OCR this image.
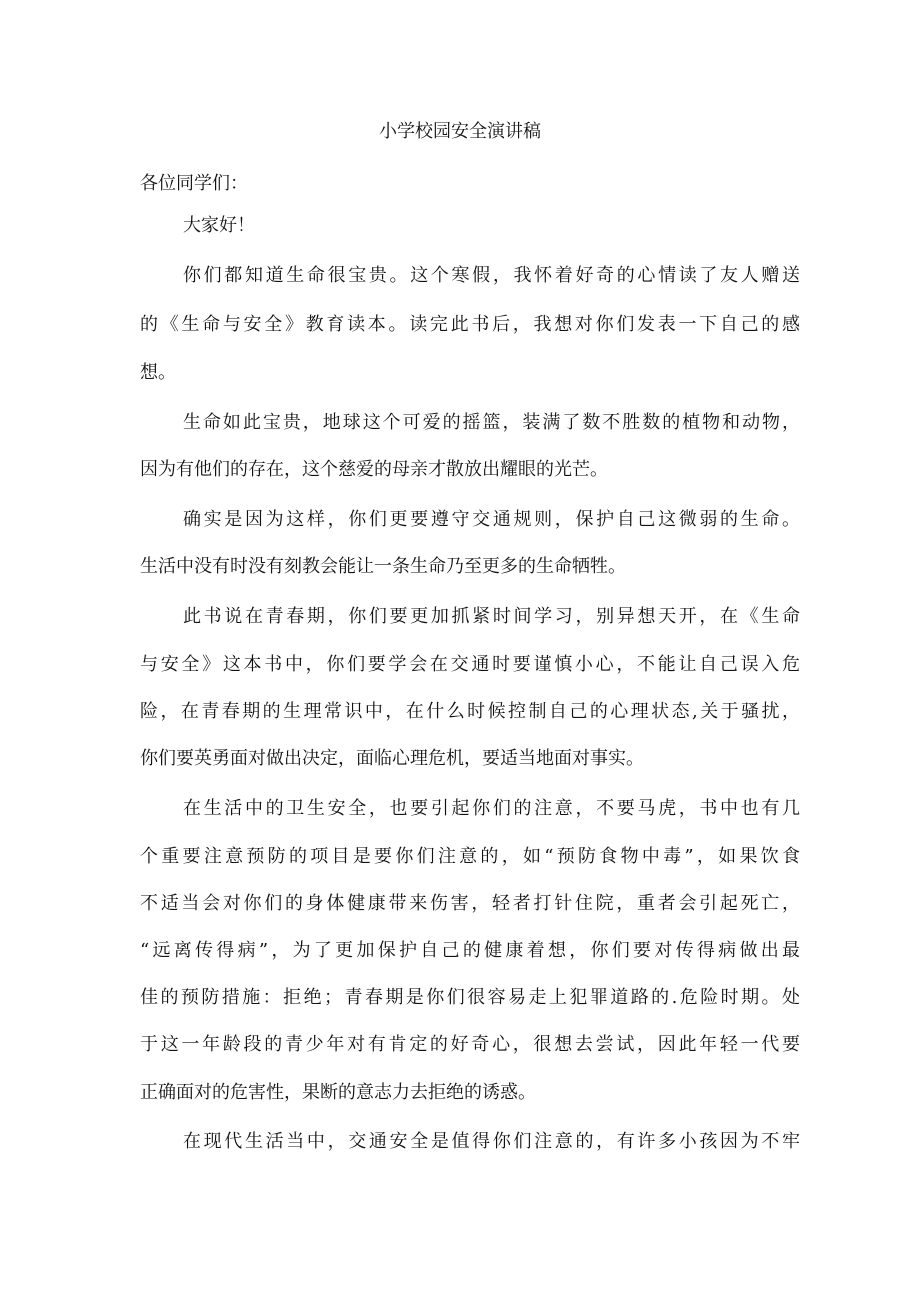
小学校园安全演讲稿
各位同学们：
大家好！
你们都知道生命很宝贵。这个寒假，我怀着好奇的心情读了友人赠送
的《生命与安全》教育读本。读完此书后，我想对你们发表一下自己的感
想。
生命如此宝贵，地球这个可爱的摇篮，装满了数不胜数的植物和动物，
因为有他们的存在，这个慈爱的母亲才散放出耀眼的光芒。
确实是因为这样，你们更要遵守交通规则，保护自己这微弱的生命。
生活中没有时没有刻教会能让一条生命乃至更多的生命牺牲。
此书说在青春期，你们要更加抓紧时间学习，别异想天开，在《生命
与安全》这本书中，你们要学会在交通时要谨慎小心，不能让自己误入危
险，在青春期的生理常识中，在什么时候控制自己的心理状态,关于骚扰，
你们要英勇面对做出决定，面临心理危机，要适当地面对事实。
在生活中的卫生安全，也要引起你们的注意，不要马虎，书中也有几
个重要注意预防的项目是要你们注意的，如“预防食物中毒”，如果饮食
不适当会对你们的身体健康带来伤害，轻者打针住院，重者会引起死亡，
“远离传得病”，为了更加保护自己的健康着想，你们要对传得病做出最
佳的预防措施：拒绝；青春期是你们很容易走上犯罪道路的.危险时期。处
于这一年龄段的青少年对有肯定的好奇心，很想去尝试，因此年轻一代要
正确面对的危害性，果断的意志力去拒绝的诱惑。
在现代生活当中，交通安全是值得你们注意的，有许多小孩因为不牢
